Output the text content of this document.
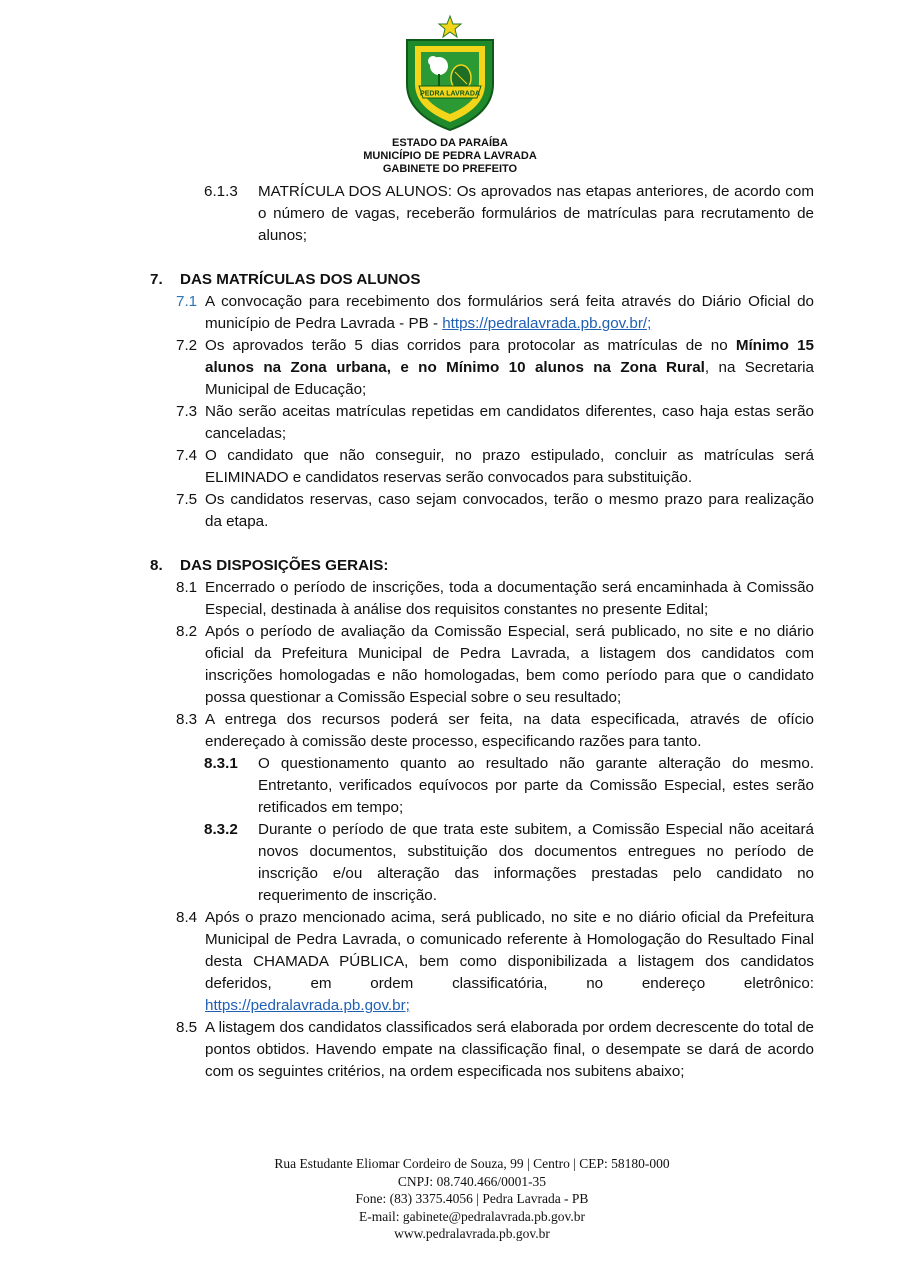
PEDRA LAVRADA
ESTADO DA PARAÍBA
MUNICÍPIO DE PEDRA LAVRADA
GABINETE DO PREFEITO
6.1.3	MATRÍCULA DOS ALUNOS: Os aprovados nas etapas anteriores, de acordo com o número de vagas, receberão formulários de matrículas para recrutamento de alunos;
7.	DAS MATRÍCULAS DOS ALUNOS
7.1 A convocação para recebimento dos formulários será feita através do Diário Oficial do município de Pedra Lavrada - PB - https://pedralavrada.pb.gov.br/;
7.2 Os aprovados terão 5 dias corridos para protocolar as matrículas de no Mínimo 15 alunos na Zona urbana, e no Mínimo 10 alunos na Zona Rural, na Secretaria Municipal de Educação;
7.3 Não serão aceitas matrículas repetidas em candidatos diferentes, caso haja estas serão canceladas;
7.4 O candidato que não conseguir, no prazo estipulado, concluir as matrículas será ELIMINADO e candidatos reservas serão convocados para substituição.
7.5 Os candidatos reservas, caso sejam convocados, terão o mesmo prazo para realização da etapa.
8.	DAS DISPOSIÇÕES GERAIS:
8.1 Encerrado o período de inscrições, toda a documentação será encaminhada à Comissão Especial, destinada à análise dos requisitos constantes no presente Edital;
8.2 Após o período de avaliação da Comissão Especial, será publicado, no site e no diário oficial da Prefeitura Municipal de Pedra Lavrada, a listagem dos candidatos com inscrições homologadas e não homologadas, bem como período para que o candidato possa questionar a Comissão Especial sobre o seu resultado;
8.3 A entrega dos recursos poderá ser feita, na data especificada, através de ofício endereçado à comissão deste processo, especificando razões para tanto.
8.3.1	O questionamento quanto ao resultado não garante alteração do mesmo. Entretanto, verificados equívocos por parte da Comissão Especial, estes serão retificados em tempo;
8.3.2	Durante o período de que trata este subitem, a Comissão Especial não aceitará novos documentos, substituição dos documentos entregues no período de inscrição e/ou alteração das informações prestadas pelo candidato no requerimento de inscrição.
8.4 Após o prazo mencionado acima, será publicado, no site e no diário oficial da Prefeitura Municipal de Pedra Lavrada, o comunicado referente à Homologação do Resultado Final desta CHAMADA PÚBLICA, bem como disponibilizada a listagem dos candidatos deferidos, em ordem classificatória, no endereço eletrônico: https://pedralavrada.pb.gov.br;
8.5 A listagem dos candidatos classificados será elaborada por ordem decrescente do total de pontos obtidos. Havendo empate na classificação final, o desempate se dará de acordo com os seguintes critérios, na ordem especificada nos subitens abaixo;
Rua Estudante Eliomar Cordeiro de Souza, 99 | Centro | CEP: 58180-000
CNPJ: 08.740.466/0001-35
Fone: (83) 3375.4056 | Pedra Lavrada - PB
E-mail: gabinete@pedralavrada.pb.gov.br
www.pedralavrada.pb.gov.br
